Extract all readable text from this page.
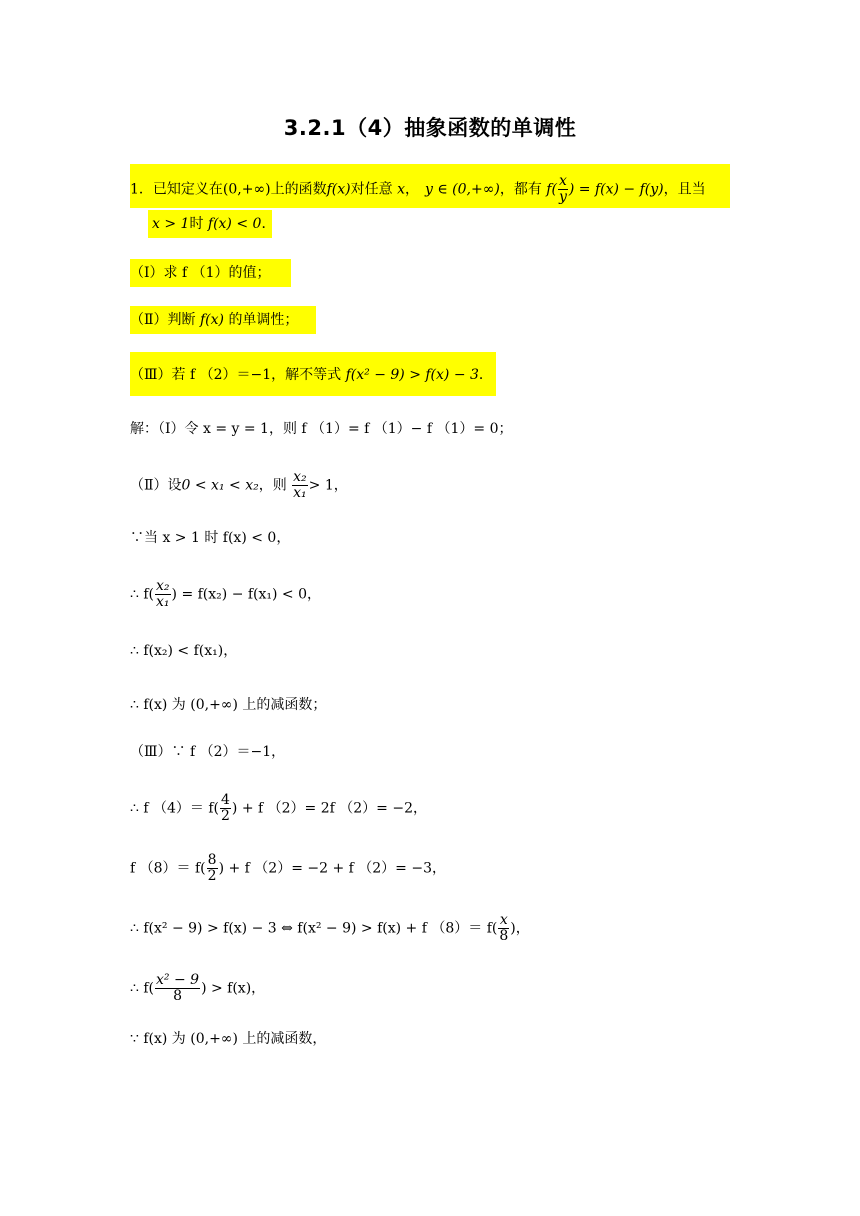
3.2.1（4）抽象函数的单调性
1．已知定义在(0,+∞)上的函数f(x)对任意 x， y ∈ (0,+∞)，都有 $f( \frac{x}{y}$ ) = f(x) − f(y)，且当
x > 1时 f(x) < 0．
（Ⅰ）求 f （1）的值；
（Ⅱ）判断 f(x) 的单调性；
（Ⅲ）若 f （2）＝−1，解不等式 f(x² − 9) > f(x) − 3．
解：（Ⅰ）令 x = y = 1，则 f （1）= f （1）− f （1）= 0；
（Ⅱ）设0 < x₁ < x₂，则 $\frac{\text{x₂}}{\text{x₁}} > 1$，
∵当 x > 1 时 f(x) < 0，
∴ $f( \frac{\text{x₂}}{\text{x₁}}$ ) = f(x₂) − f(x₁) < 0，
∴ f(x₂) < f(x₁)，
∴ f(x) 为 (0,+∞) 上的减函数；
（Ⅲ）∵ f （2）＝−1，
∴ f $(4)= f( \frac{4}{2}$ ) + f （2）= 2f （2）= −2，
f $(8)= f( \frac{8}{2}$ ) + f （2）= −2 + f （2）= −3，
∴ f(x² − 9) > f(x) − 3 ⇔ f(x² − 9) > f(x) + f $(8)= f( \frac{x}{8}$ )，
∴ $f( \frac{\text{x² − 9}}{8}$ ) > f(x)，
∵ f(x) 为 (0,+∞) 上的减函数，
